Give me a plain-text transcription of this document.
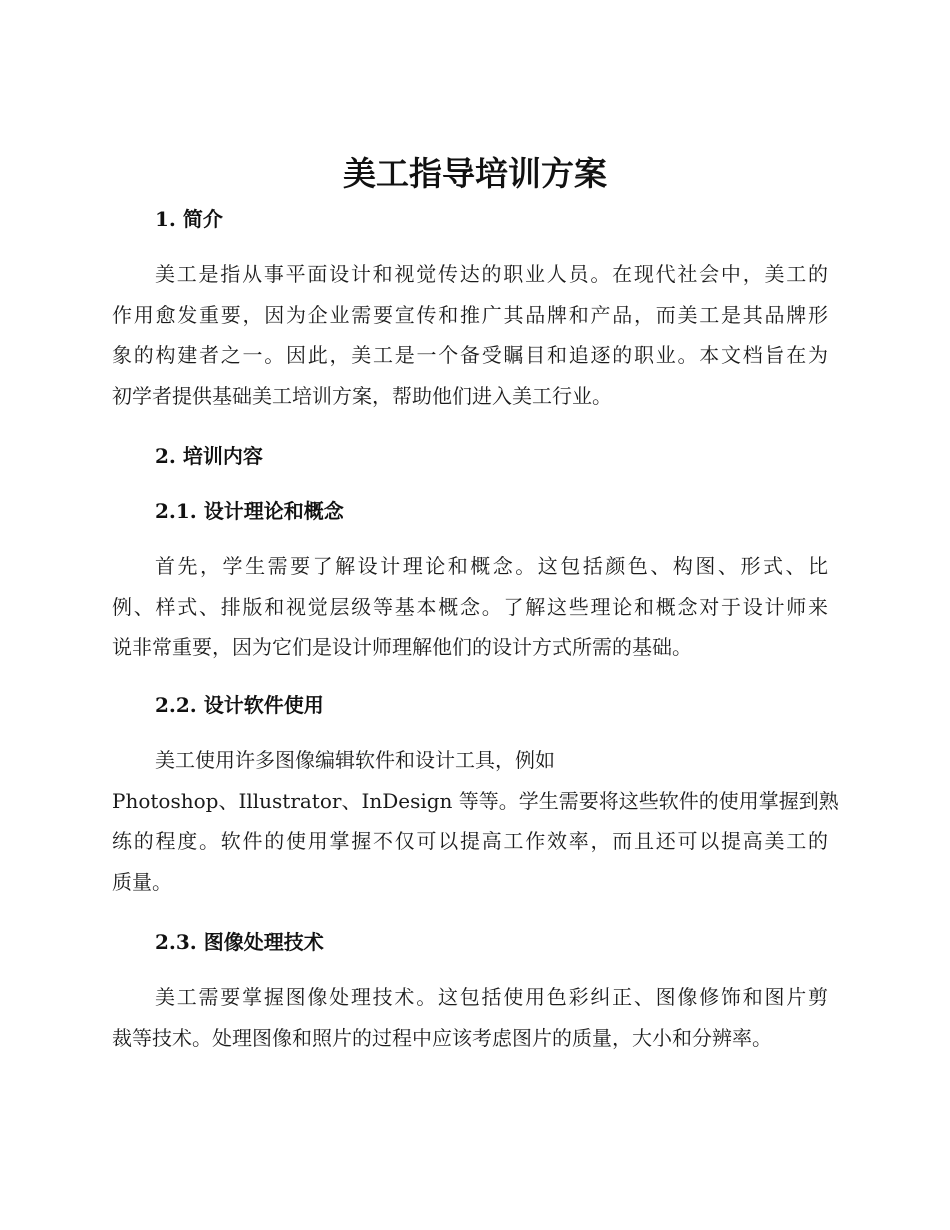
美工指导培训方案
1. 简介
美工是指从事平面设计和视觉传达的职业人员。在现代社会中，美工的
作用愈发重要，因为企业需要宣传和推广其品牌和产品，而美工是其品牌形
象的构建者之一。因此，美工是一个备受瞩目和追逐的职业。本文档旨在为
初学者提供基础美工培训方案，帮助他们进入美工行业。
2. 培训内容
2.1. 设计理论和概念
首先，学生需要了解设计理论和概念。这包括颜色、构图、形式、比
例、样式、排版和视觉层级等基本概念。了解这些理论和概念对于设计师来
说非常重要，因为它们是设计师理解他们的设计方式所需的基础。
2.2. 设计软件使用
美工使用许多图像编辑软件和设计工具，例如
Photoshop、Illustrator、InDesign 等等。学生需要将这些软件的使用掌握到熟
练的程度。软件的使用掌握不仅可以提高工作效率，而且还可以提高美工的
质量。
2.3. 图像处理技术
美工需要掌握图像处理技术。这包括使用色彩纠正、图像修饰和图片剪
裁等技术。处理图像和照片的过程中应该考虑图片的质量，大小和分辨率。
